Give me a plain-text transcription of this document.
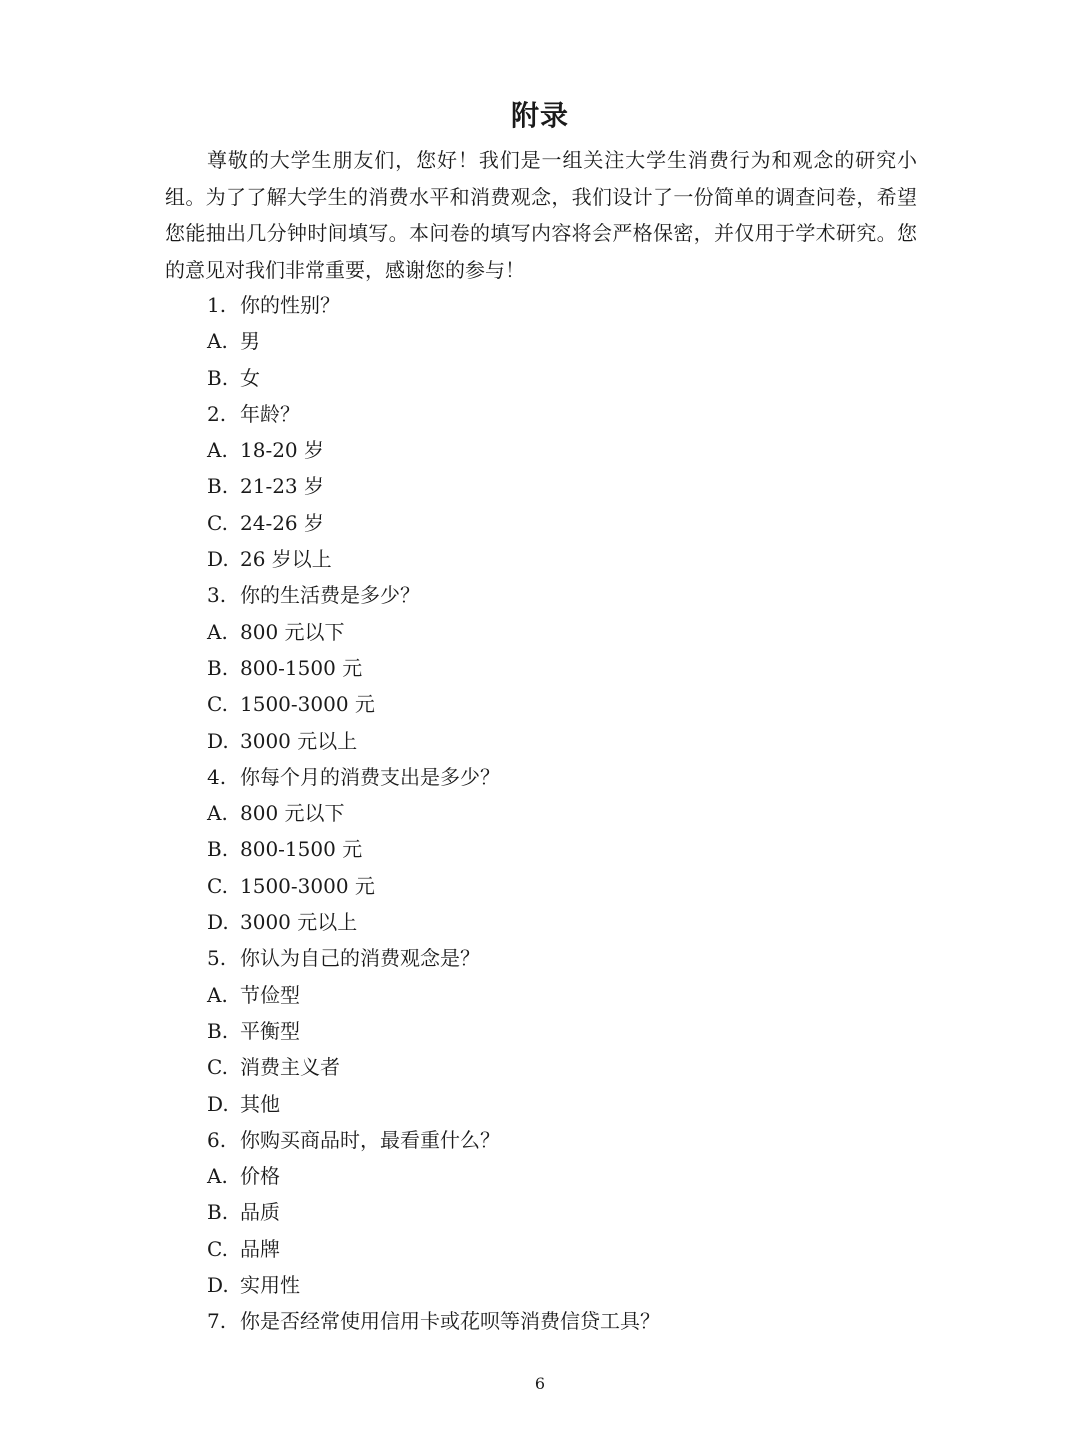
附录

尊敬的大学生朋友们，您好！我们是一组关注大学生消费行为和观念的研究小组。为了了解大学生的消费水平和消费观念，我们设计了一份简单的调查问卷，希望您能抽出几分钟时间填写。本问卷的填写内容将会严格保密，并仅用于学术研究。您的意见对我们非常重要，感谢您的参与！

1. 你的性别？
A. 男
B. 女
2. 年龄？
A. 18-20 岁
B. 21-23 岁
C. 24-26 岁
D. 26 岁以上
3. 你的生活费是多少？
A. 800 元以下
B. 800-1500 元
C. 1500-3000 元
D. 3000 元以上
4. 你每个月的消费支出是多少？
A. 800 元以下
B. 800-1500 元
C. 1500-3000 元
D. 3000 元以上
5. 你认为自己的消费观念是？
A. 节俭型
B. 平衡型
C. 消费主义者
D. 其他
6. 你购买商品时，最看重什么？
A. 价格
B. 品质
C. 品牌
D. 实用性
7. 你是否经常使用信用卡或花呗等消费信贷工具？
6
